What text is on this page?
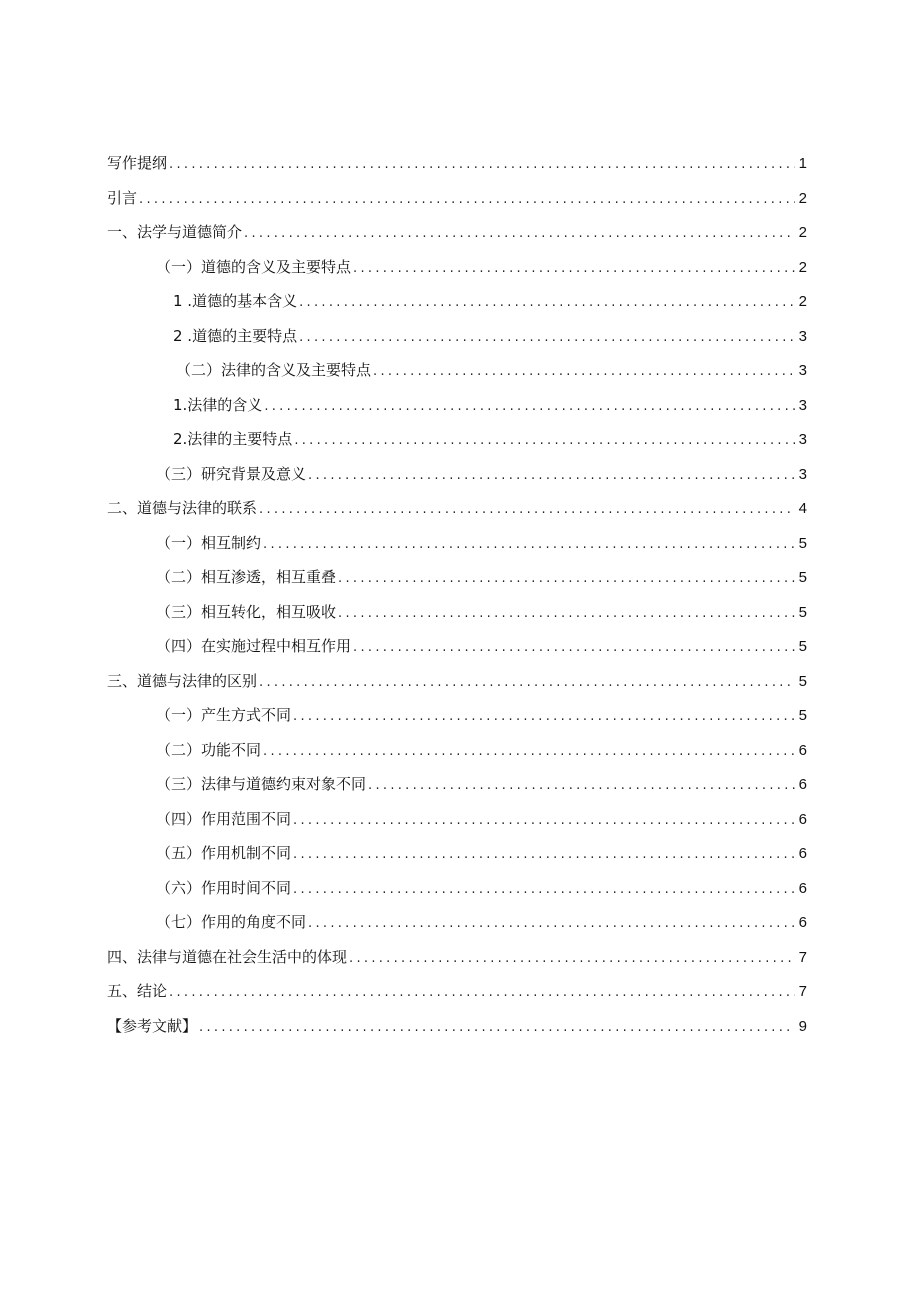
写作提纲 .....	1
引言 .....	2
一、法学与道德简介 .....	2
（一）道德的含义及主要特点 .....	2
1 .道德的基本含义 .....	2
2 .道德的主要特点 .....	3
（二）法律的含义及主要特点 .....	3
1.法律的含义 .....	3
2.法律的主要特点 .....	3
（三）研究背景及意义 .....	3
二、道德与法律的联系 .....	4
（一）相互制约 .....	5
（二）相互渗透，相互重叠 .....	5
（三）相互转化，相互吸收 .....	5
（四）在实施过程中相互作用 .....	5
三、道德与法律的区别 .....	5
（一）产生方式不同 .....	5
（二）功能不同 .....	6
（三）法律与道德约束对象不同 .....	6
（四）作用范围不同 .....	6
（五）作用机制不同 .....	6
（六）作用时间不同 .....	6
（七）作用的角度不同 .....	6
四、法律与道德在社会生活中的体现 .....	7
五、结论 .....	7
【参考文献】 .....	9
